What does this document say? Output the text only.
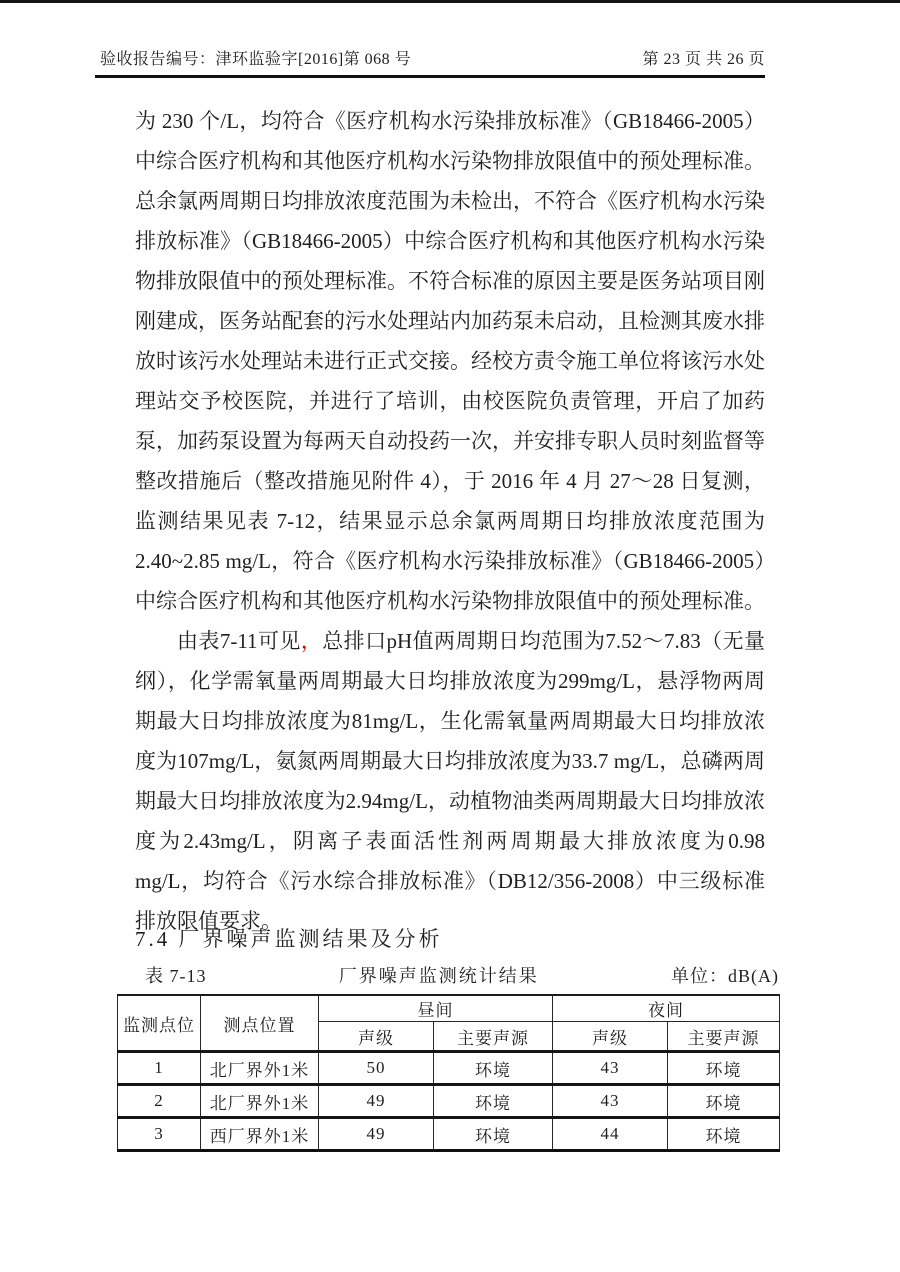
验收报告编号：津环监验字[2016]第 068 号	第 23 页 共 26 页

为 230 个/L，均符合《医疗机构水污染排放标准》（GB18466-2005）中综合医疗机构和其他医疗机构水污染物排放限值中的预处理标准。总余氯两周期日均排放浓度范围为未检出，不符合《医疗机构水污染排放标准》（GB18466-2005）中综合医疗机构和其他医疗机构水污染物排放限值中的预处理标准。不符合标准的原因主要是医务站项目刚刚建成，医务站配套的污水处理站内加药泵未启动，且检测其废水排放时该污水处理站未进行正式交接。经校方责令施工单位将该污水处理站交予校医院，并进行了培训，由校医院负责管理，开启了加药泵，加药泵设置为每两天自动投药一次，并安排专职人员时刻监督等整改措施后（整改措施见附件 4），于 2016 年 4 月 27～28 日复测，监测结果见表 7-12，结果显示总余氯两周期日均排放浓度范围为2.40~2.85 mg/L，符合《医疗机构水污染排放标准》（GB18466-2005）中综合医疗机构和其他医疗机构水污染物排放限值中的预处理标准。

由表7-11可见，总排口pH值两周期日均范围为7.52～7.83（无量纲），化学需氧量两周期最大日均排放浓度为299mg/L，悬浮物两周期最大日均排放浓度为81mg/L，生化需氧量两周期最大日均排放浓度为107mg/L，氨氮两周期最大日均排放浓度为33.7 mg/L，总磷两周期最大日均排放浓度为2.94mg/L，动植物油类两周期最大日均排放浓度为2.43mg/L，阴离子表面活性剂两周期最大排放浓度为0.98 mg/L，均符合《污水综合排放标准》（DB12/356-2008）中三级标准排放限值要求。

7.4 厂界噪声监测结果及分析
表 7-13	厂界噪声监测统计结果	单位：dB(A)
监测点位	测点位置	昼间		夜间	
		声级	主要声源	声级	主要声源
1	北厂界外1米	50	环境	43	环境
2	北厂界外1米	49	环境	43	环境
3	西厂界外1米	49	环境	44	环境
